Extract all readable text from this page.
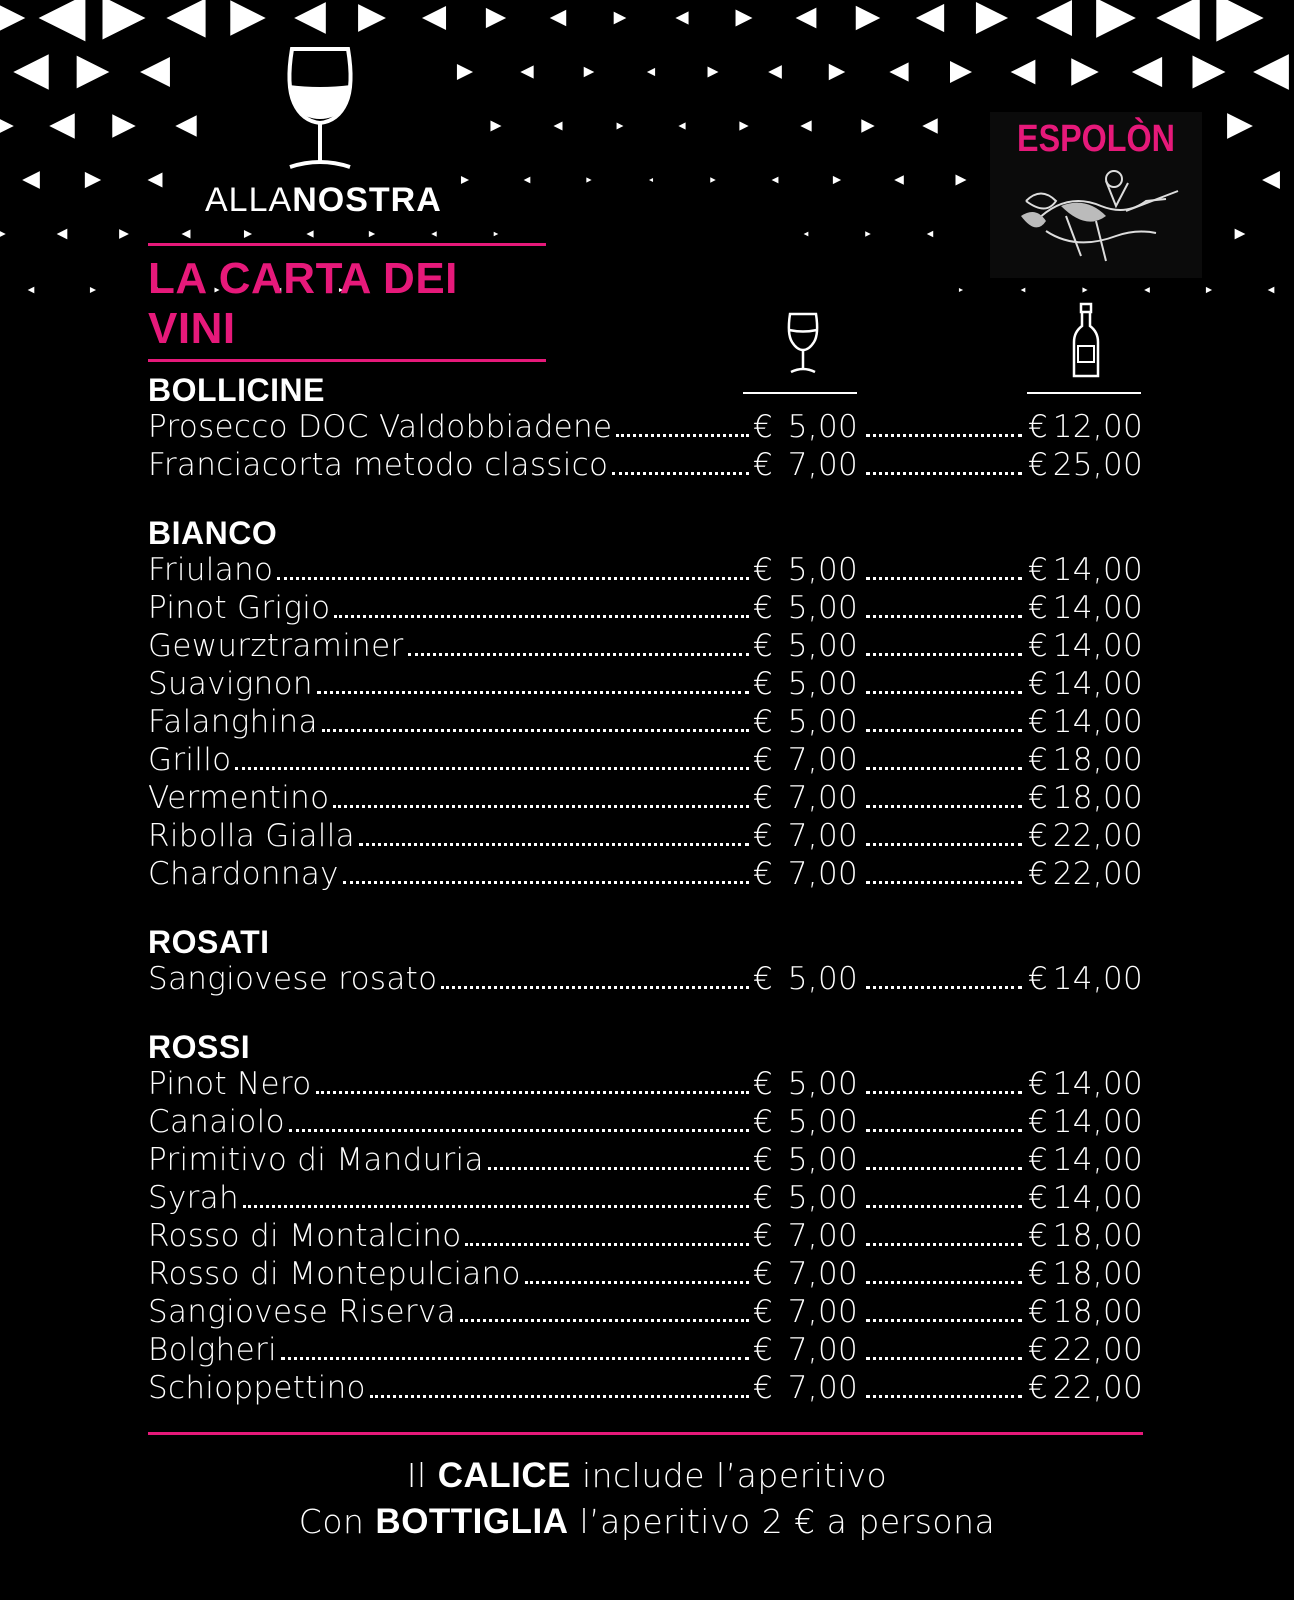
ALLANOSTRA
ESPOLÒN
LA CARTA DEI VINI
BOLLICINE
Prosecco DOC Valdobbiadene	€ 5,00	€ 12,00
Franciacorta metodo classico	€ 7,00	€ 25,00
BIANCO
Friulano	€ 5,00	€ 14,00
Pinot Grigio	€ 5,00	€ 14,00
Gewurztraminer	€ 5,00	€ 14,00
Suavignon	€ 5,00	€ 14,00
Falanghina	€ 5,00	€ 14,00
Grillo	€ 7,00	€ 18,00
Vermentino	€ 7,00	€ 18,00
Ribolla Gialla	€ 7,00	€ 22,00
Chardonnay	€ 7,00	€ 22,00
ROSATI
Sangiovese rosato	€ 5,00	€ 14,00
ROSSI
Pinot Nero	€ 5,00	€ 14,00
Canaiolo	€ 5,00	€ 14,00
Primitivo di Manduria	€ 5,00	€ 14,00
Syrah	€ 5,00	€ 14,00
Rosso di Montalcino	€ 7,00	€ 18,00
Rosso di Montepulciano	€ 7,00	€ 18,00
Sangiovese Riserva	€ 7,00	€ 18,00
Bolgheri	€ 7,00	€ 22,00
Schioppettino	€ 7,00	€ 22,00
Il CALICE include l’aperitivo
Con BOTTIGLIA l’aperitivo 2 € a persona
